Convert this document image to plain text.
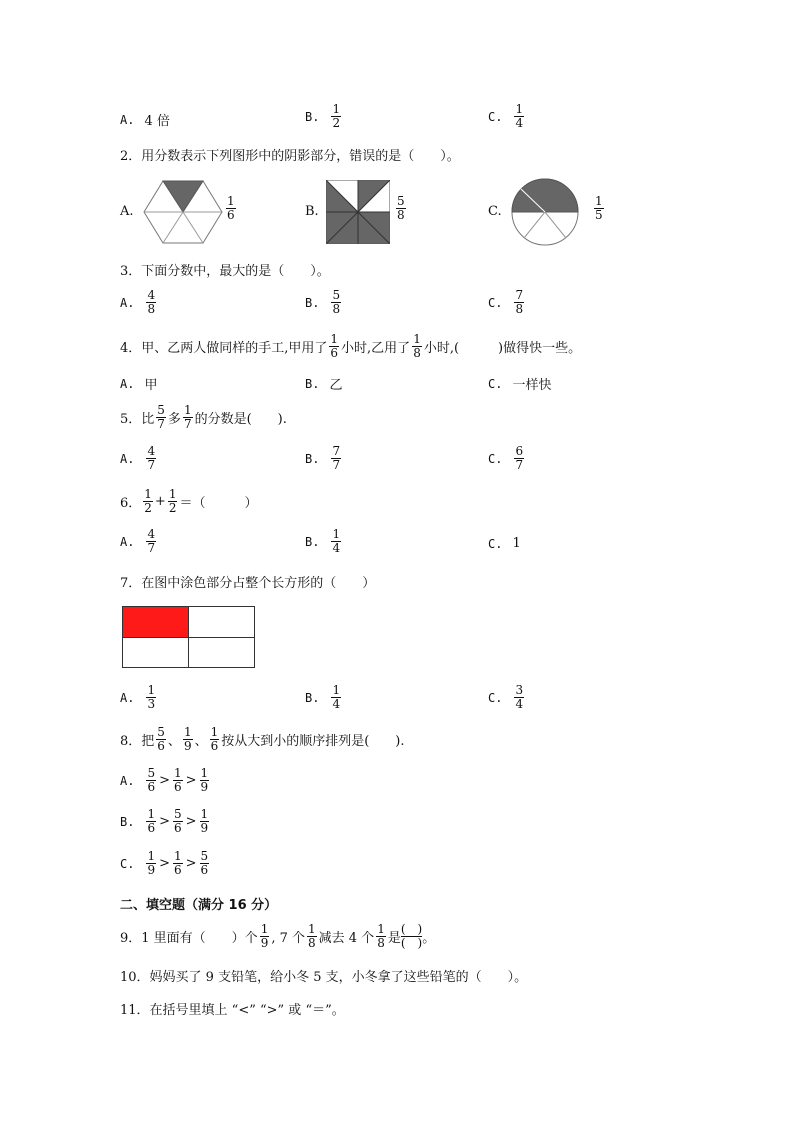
A. 4 倍	B. $\frac{1}{2}$	C. $\frac{1}{4}$
2．用分数表示下列图形中的阴影部分，错误的是（　　）。
A.	$\frac{1}{6}$	B.	$\frac{5}{8}$	C.	$\frac{1}{5}$
3．下面分数中，最大的是（　　）。
A. $\frac{4}{8}$	B. $\frac{5}{8}$	C. $\frac{7}{8}$
4．甲、乙两人做同样的手工,甲用了 $\frac{1}{6}$ 小时,乙用了 $\frac{1}{8}$ 小时,(　　　)做得快一些。
A. 甲	B. 乙	C. 一样快
5．比 $\frac{5}{7}$ 多 $\frac{1}{7}$ 的分数是(　　).
A. $\frac{4}{7}$	B. $\frac{7}{7}$	C. $\frac{6}{7}$
6． $\frac{1}{2} + \frac{1}{2}$ ＝（　　　）
A. $\frac{4}{7}$	B. $\frac{1}{4}$	C. 1
7．在图中涂色部分占整个长方形的（　　）
A. $\frac{1}{3}$	B. $\frac{1}{4}$	C. $\frac{3}{4}$
8．把 $\frac{5}{6}$ 、 $\frac{1}{9}$ 、 $\frac{1}{6}$ 按从大到小的顺序排列是(　　).
A. $\frac{5}{6} > \frac{1}{6} > \frac{1}{9}$
B. $\frac{1}{6} > \frac{5}{6} > \frac{1}{9}$
C. $\frac{1}{9} > \frac{1}{6} > \frac{5}{6}$
二、填空题（满分 16 分）
9．1 里面有（　　）个 $\frac{1}{9}$ , 7 个 $\frac{1}{8}$ 减去 4 个 $\frac{1}{8}$ 是 $\frac{( )}{( )}$ 。
10．妈妈买了 9 支铅笔，给小冬 5 支，小冬拿了这些铅笔的（　　）。
11．在括号里填上 “<” “>” 或 “＝”。
